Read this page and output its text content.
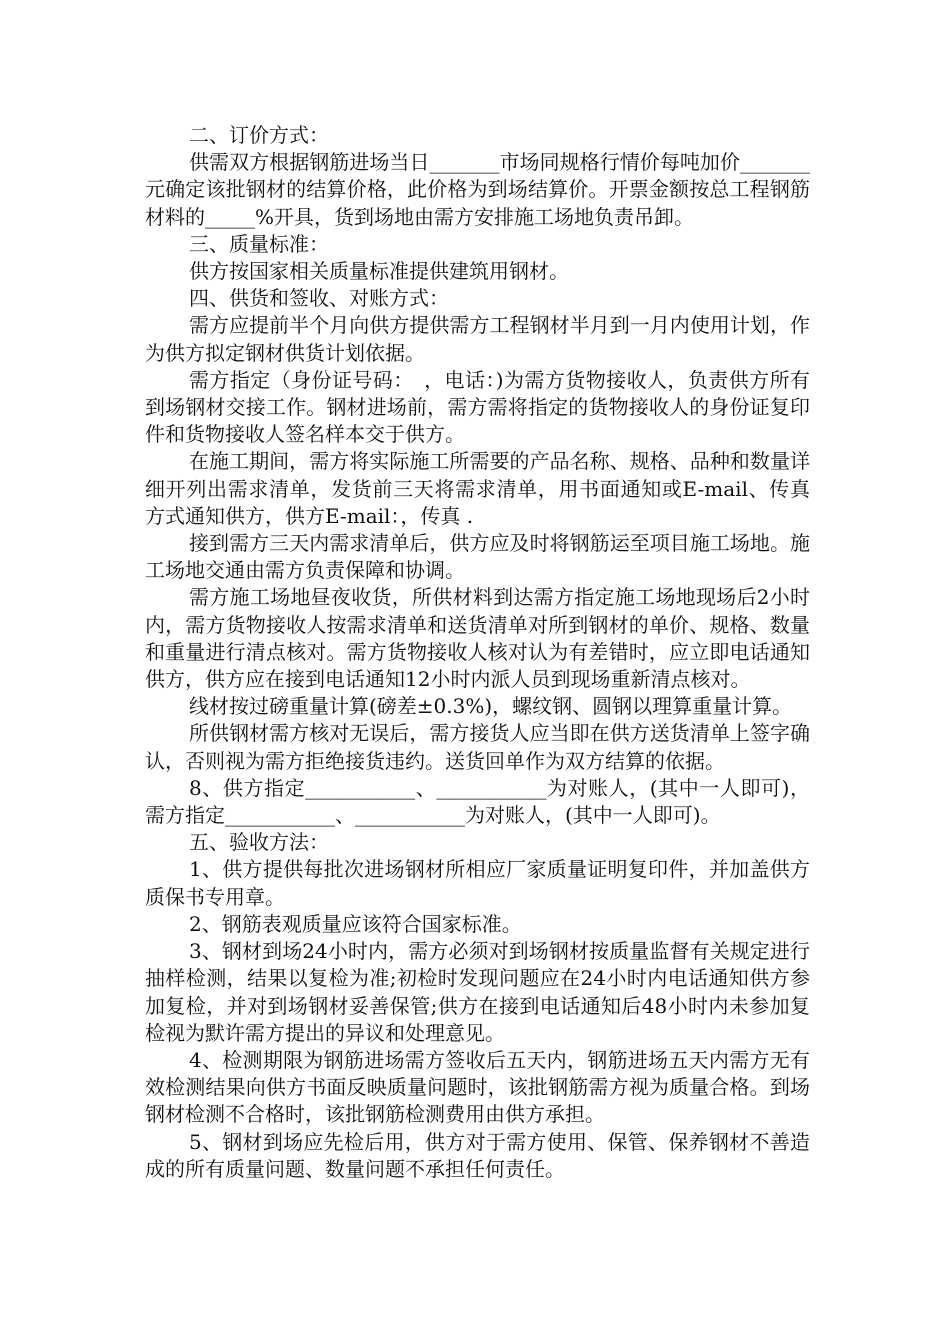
二、订价方式：

供需双方根据钢筋进场当日_______市场同规格行情价每吨加价_______元确定该批钢材的结算价格，此价格为到场结算价。开票金额按总工程钢筋材料的_____%开具，货到场地由需方安排施工场地负责吊卸。

三、质量标准：

供方按国家相关质量标准提供建筑用钢材。

四、供货和签收、对账方式：

需方应提前半个月向供方提供需方工程钢材半月到一月内使用计划，作为供方拟定钢材供货计划依据。

需方指定（身份证号码：　，电话：)为需方货物接收人，负责供方所有到场钢材交接工作。钢材进场前，需方需将指定的货物接收人的身份证复印件和货物接收人签名样本交于供方。

在施工期间，需方将实际施工所需要的产品名称、规格、品种和数量详细开列出需求清单，发货前三天将需求清单，用书面通知或E-mail、传真方式通知供方，供方E-mail：，传真 .

接到需方三天内需求清单后，供方应及时将钢筋运至项目施工场地。施工场地交通由需方负责保障和协调。

需方施工场地昼夜收货，所供材料到达需方指定施工场地现场后2小时内，需方货物接收人按需求清单和送货清单对所到钢材的单价、规格、数量和重量进行清点核对。需方货物接收人核对认为有差错时，应立即电话通知供方，供方应在接到电话通知12小时内派人员到现场重新清点核对。

线材按过磅重量计算(磅差±0.3%)，螺纹钢、圆钢以理算重量计算。

所供钢材需方核对无误后，需方接货人应当即在供方送货清单上签字确认，否则视为需方拒绝接货违约。送货回单作为双方结算的依据。

8、供方指定___________、___________为对账人，(其中一人即可)，需方指定___________、___________为对账人，(其中一人即可)。

五、验收方法：

1、供方提供每批次进场钢材所相应厂家质量证明复印件，并加盖供方质保书专用章。

2、钢筋表观质量应该符合国家标准。

3、钢材到场24小时内，需方必须对到场钢材按质量监督有关规定进行抽样检测，结果以复检为准;初检时发现问题应在24小时内电话通知供方参加复检，并对到场钢材妥善保管;供方在接到电话通知后48小时内未参加复检视为默许需方提出的异议和处理意见。

4、检测期限为钢筋进场需方签收后五天内，钢筋进场五天内需方无有效检测结果向供方书面反映质量问题时，该批钢筋需方视为质量合格。到场钢材检测不合格时，该批钢筋检测费用由供方承担。

5、钢材到场应先检后用，供方对于需方使用、保管、保养钢材不善造成的所有质量问题、数量问题不承担任何责任。
